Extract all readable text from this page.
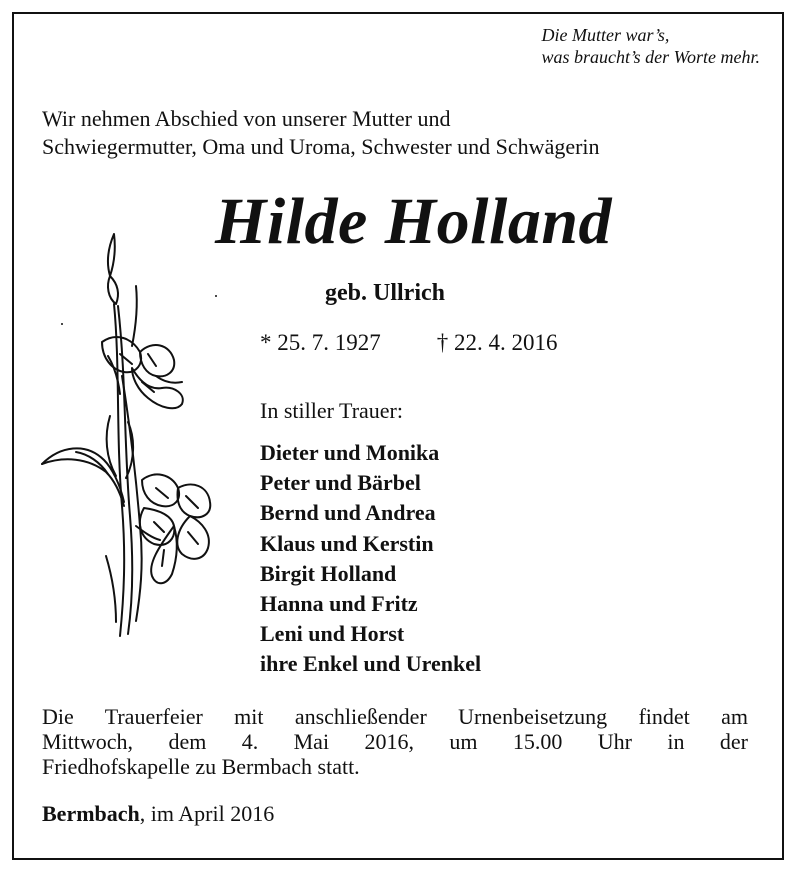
Die Mutter war’s,
was braucht’s der Worte mehr.
Wir nehmen Abschied von unserer Mutter und
Schwiegermutter, Oma und Uroma, Schwester und Schwägerin
Hilde Holland
geb. Ullrich
* 25. 7. 1927 † 22. 4. 2016
In stiller Trauer:
Dieter und Monika
Peter und Bärbel
Bernd und Andrea
Klaus und Kerstin
Birgit Holland
Hanna und Fritz
Leni und Horst
ihre Enkel und Urenkel
Die Trauerfeier mit anschließender Urnenbeisetzung findet am
Mittwoch, dem 4. Mai 2016, um 15.00 Uhr in der
Friedhofskapelle zu Bermbach statt.
Bermbach, im April 2016
